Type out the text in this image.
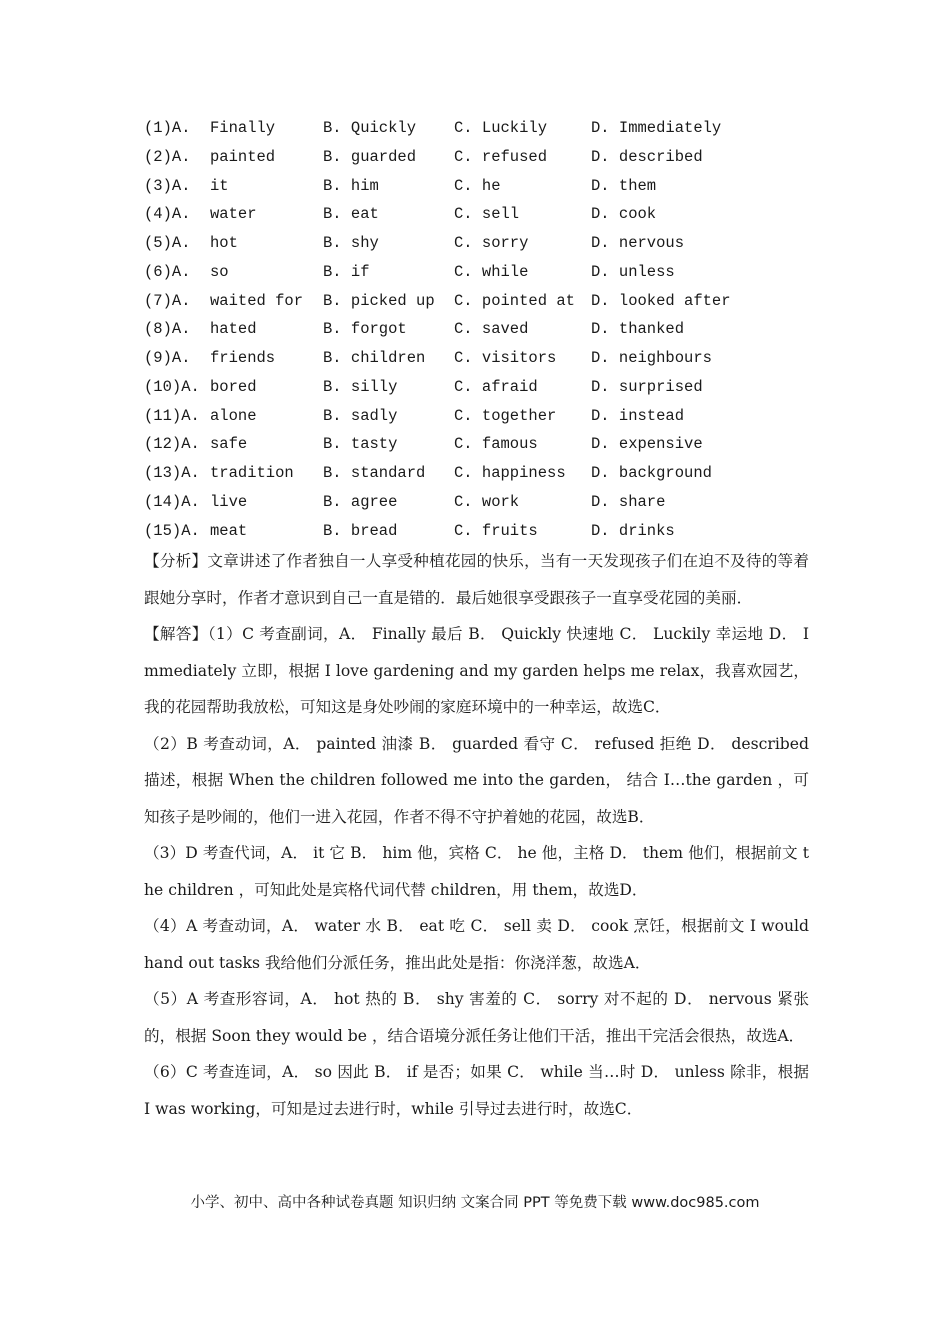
(1)A. Finally	B. Quickly C. Luckily	D. Immediately
(2)A. painted	B. guarded C. refused	D. described
(3)A. it	B. him	C. he	D. them
(4)A. water	B. eat	C. sell	D. cook
(5)A. hot	B. shy	C. sorry	D. nervous
(6)A. so	B. if	C. while	D. unless
(7)A. waited for B. picked up C. pointed at D. looked after
(8)A. hated	B. forgot	C. saved	D. thanked
(9)A. friends	B. children C. visitors D. neighbours
(10)A. bored	B. silly	C. afraid	D. surprised
(11)A. alone	B. sadly	C. together D. instead
(12)A. safe	B. tasty	C. famous	D. expensive
(13)A. tradition B. standard C. happiness D. background
(14)A. live	B. agree	C. work	D. share
(15)A. meat	B. bread	C. fruits	D. drinks

【分析】文章讲述了作者独自一人享受种植花园的快乐，当有一天发现孩子们在迫不及待的等着跟她分享时，作者才意识到自己一直是错的．最后她很享受跟孩子一直享受花园的美丽．

【解答】（1）C 考查副词，A． Finally 最后 B． Quickly 快速地 C． Luckily 幸运地 D． Immediately 立即，根据 I love gardening and my garden helps me relax，我喜欢园艺，我的花园帮助我放松，可知这是身处吵闹的家庭环境中的一种幸运，故选C．

（2）B 考查动词，A． painted 油漆 B． guarded 看守 C． refused 拒绝 D． described 描述，根据 When the children followed me into the garden， 结合 I…the garden ，可知孩子是吵闹的，他们一进入花园，作者不得不守护着她的花园，故选B．

（3）D 考查代词，A． it 它 B． him 他，宾格 C． he 他，主格 D． them 他们，根据前文 the children ，可知此处是宾格代词代替 children，用 them，故选D．

（4）A 考查动词，A． water 水 B． eat 吃 C． sell 卖 D． cook 烹饪，根据前文 I would hand out tasks 我给他们分派任务，推出此处是指：你浇洋葱，故选A．

（5）A 考查形容词，A． hot 热的 B． shy 害羞的 C． sorry 对不起的 D． nervous 紧张的，根据 Soon they would be ，结合语境分派任务让他们干活，推出干完活会很热，故选A．

（6）C 考查连词，A． so 因此 B． if 是否；如果 C． while 当…时 D． unless 除非，根据 I was working，可知是过去进行时，while 引导过去进行时，故选C．

小学、初中、高中各种试卷真题 知识归纳 文案合同 PPT 等免费下载 www.doc985.com
